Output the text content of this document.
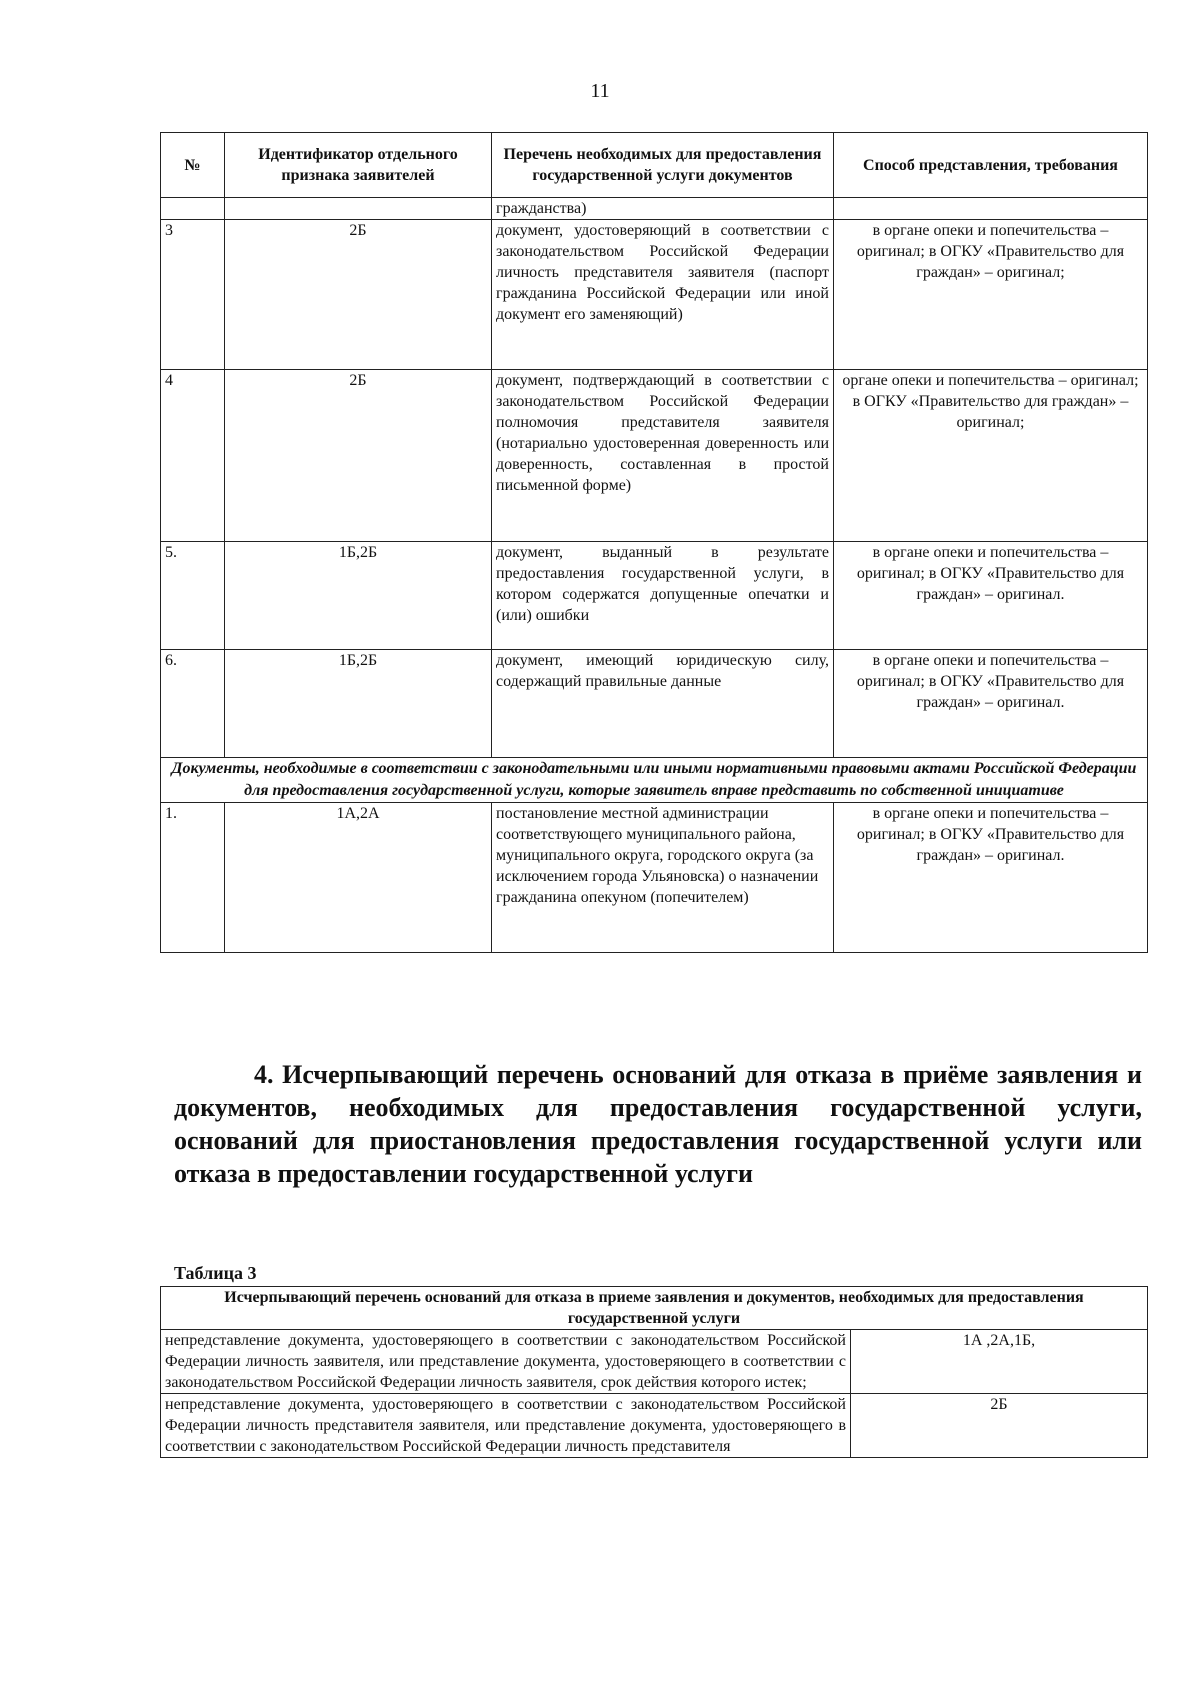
11
№	Идентификатор отдельного признака заявителей	Перечень необходимых для предоставления государственной услуги документов	Способ представления, требования
		гражданства)	
3	2Б	документ, удостоверяющий в соответствии с законодательством Российской Федерации личность представителя заявителя (паспорт гражданина Российской Федерации или иной документ его заменяющий)	в органе опеки и попечительства – оригинал; в ОГКУ «Правительство для граждан» – оригинал;
4	2Б	документ, подтверждающий в соответствии с законодательством Российской Федерации полномочия представителя заявителя (нотариально удостоверенная доверенность или доверенность, составленная в простой письменной форме)	органе опеки и попечительства – оригинал; в ОГКУ «Правительство для граждан» – оригинал;
5.	1Б,2Б	документ, выданный в результате предоставления государственной услуги, в котором содержатся допущенные опечатки и (или) ошибки	в органе опеки и попечительства – оригинал; в ОГКУ «Правительство для граждан» – оригинал.
6.	1Б,2Б	документ, имеющий юридическую силу, содержащий правильные данные	в органе опеки и попечительства – оригинал; в ОГКУ «Правительство для граждан» – оригинал.
Документы, необходимые в соответствии с законодательными или иными нормативными правовыми актами Российской Федерации для предоставления государственной услуги, которые заявитель вправе представить по собственной инициативе			
1.	1А,2А	постановление местной администрации соответствующего муниципального района, муниципального округа, городского округа (за исключением города Ульяновска) о назначении гражданина опекуном (попечителем)	в органе опеки и попечительства – оригинал; в ОГКУ «Правительство для граждан» – оригинал.
4. Исчерпывающий перечень оснований для отказа в приёме заявления и документов, необходимых для предоставления государственной услуги, оснований для приостановления предоставления государственной услуги или отказа в предоставлении государственной услуги
Таблица 3
Исчерпывающий перечень оснований для отказа в приеме заявления и документов, необходимых для предоставления государственной услуги	
непредставление документа, удостоверяющего в соответствии с законодательством Российской Федерации личность заявителя, или представление документа, удостоверяющего в соответствии с законодательством Российской Федерации личность заявителя, срок действия которого истек;	1А ,2А,1Б,
непредставление документа, удостоверяющего в соответствии с законодательством Российской Федерации личность представителя заявителя, или представление документа, удостоверяющего в соответствии с законодательством Российской Федерации личность представителя	2Б
